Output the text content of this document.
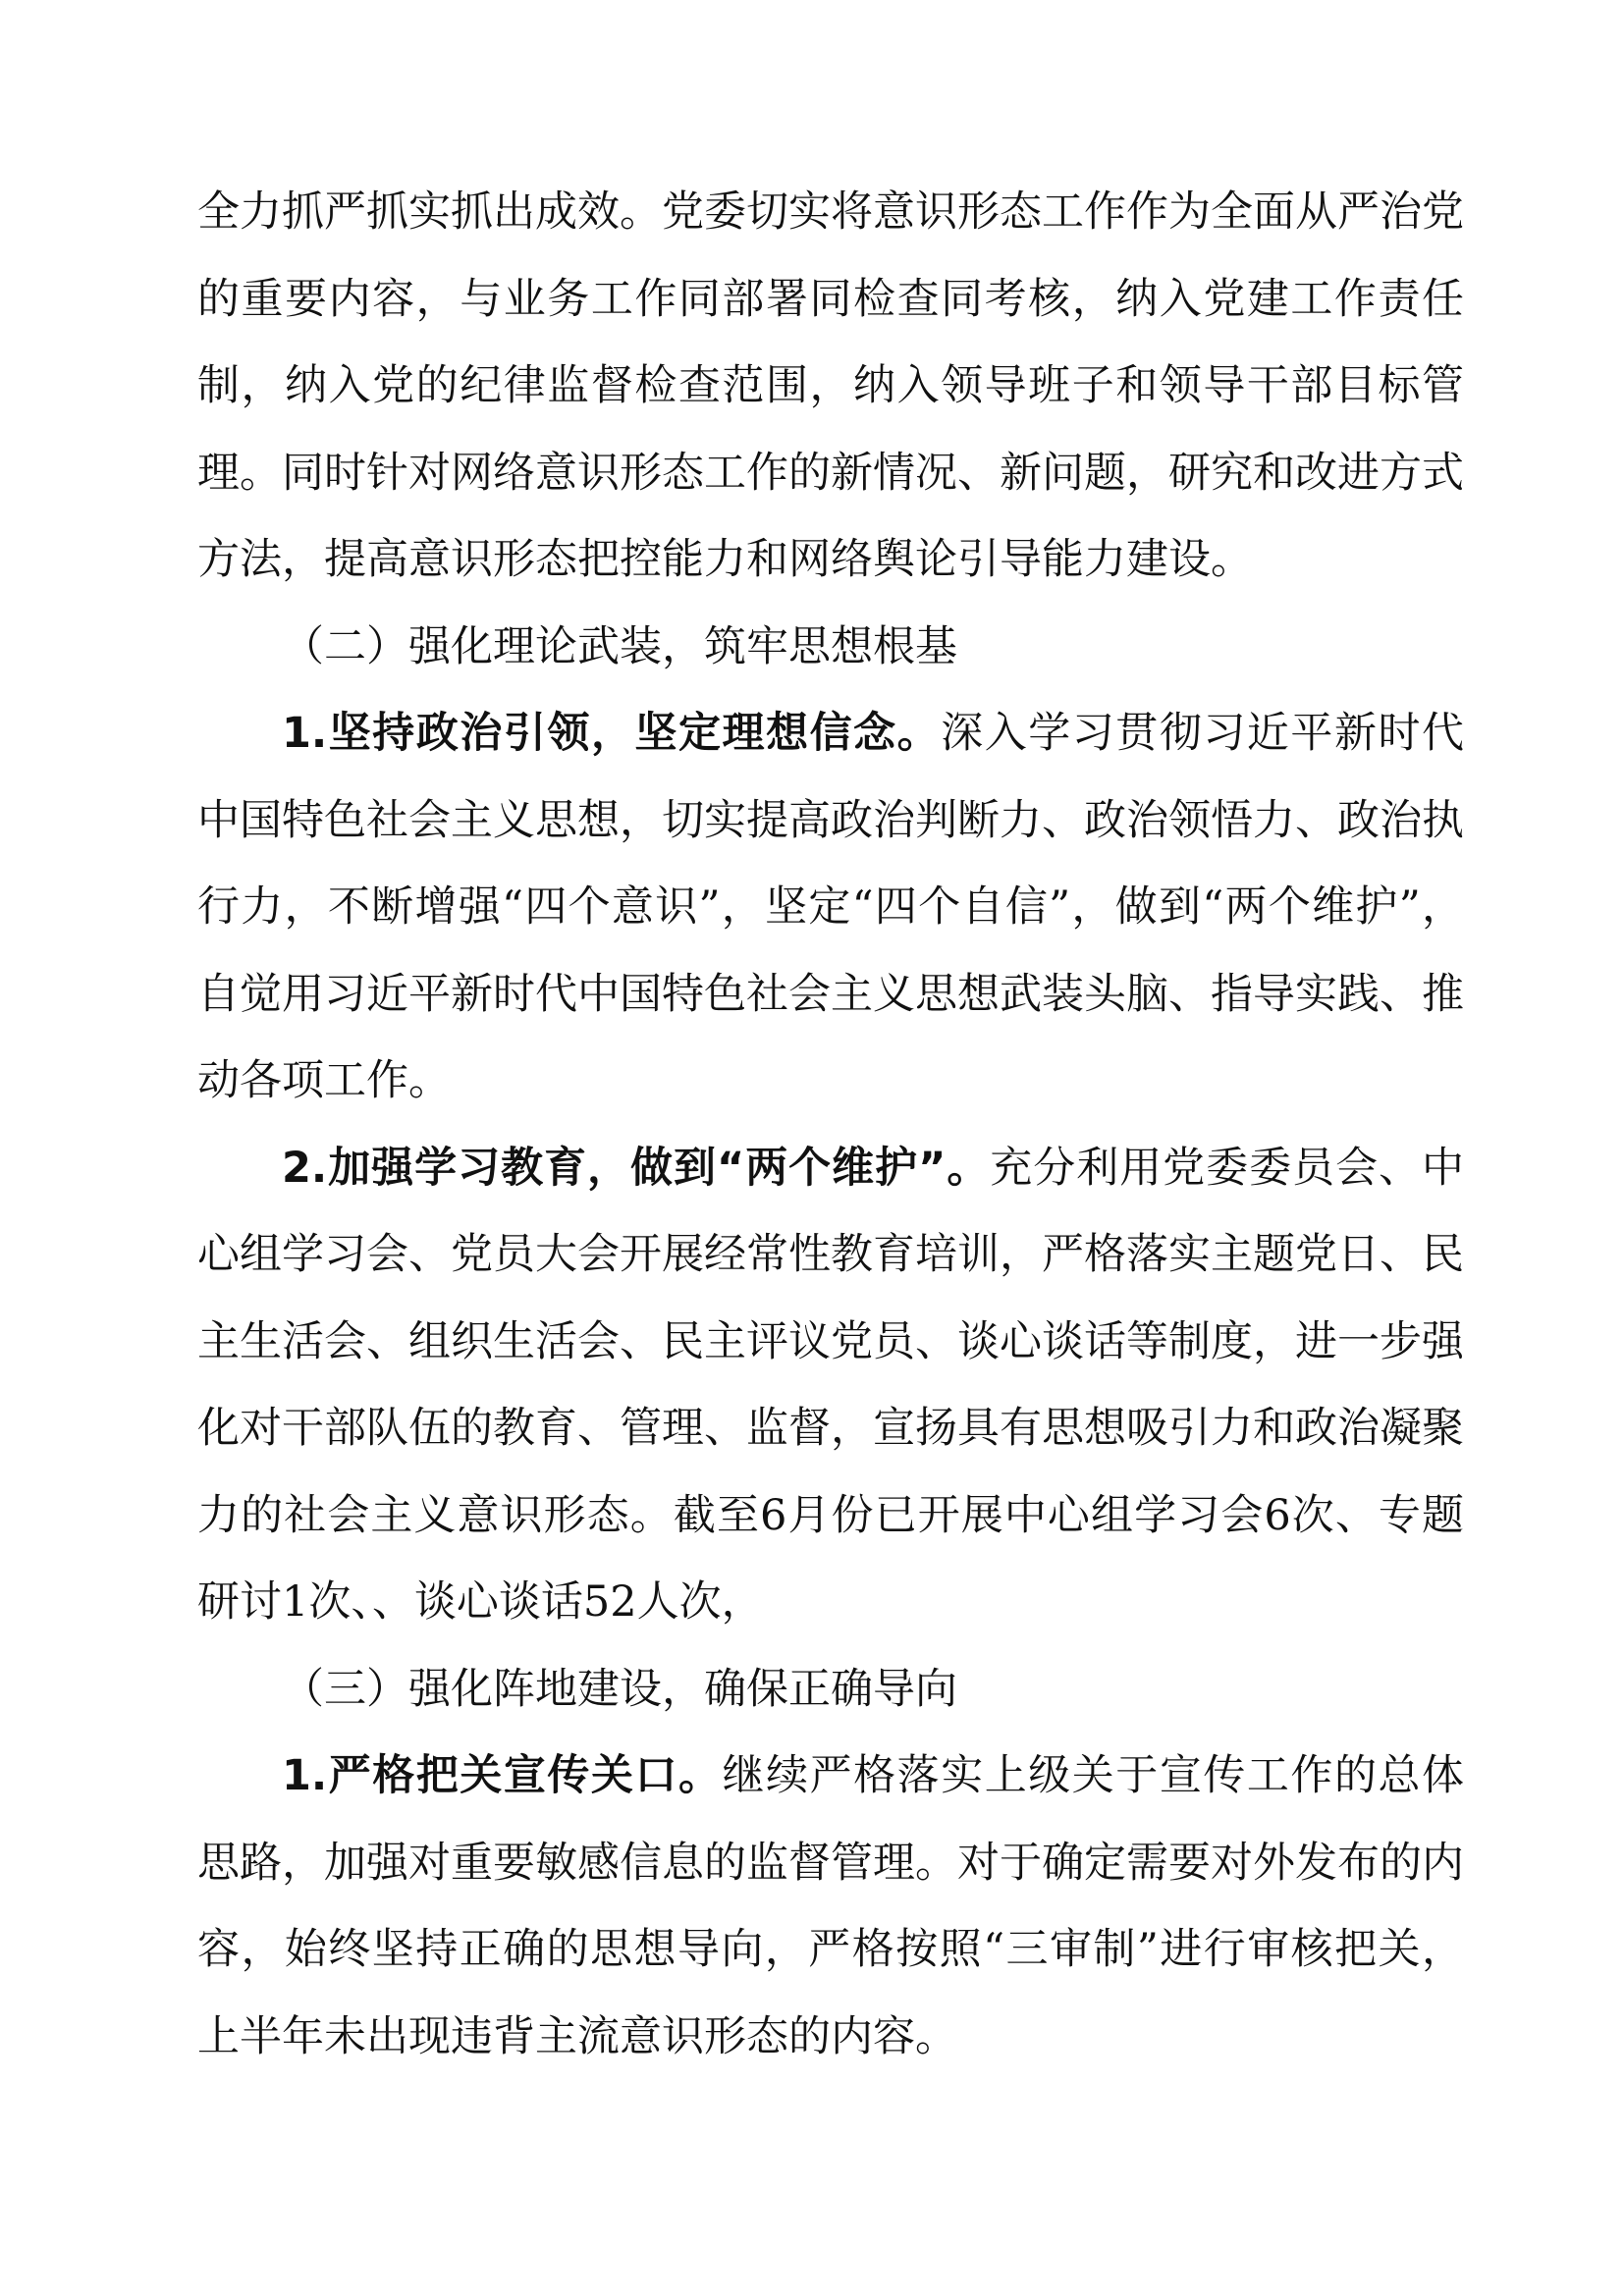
全力抓严抓实抓出成效。党委切实将意识形态工作作为全面从严治党的重要内容，与业务工作同部署同检查同考核，纳入党建工作责任制，纳入党的纪律监督检查范围，纳入领导班子和领导干部目标管理。同时针对网络意识形态工作的新情况、新问题，研究和改进方式方法，提高意识形态把控能力和网络舆论引导能力建设。

（二）强化理论武装，筑牢思想根基

1.坚持政治引领，坚定理想信念。深入学习贯彻习近平新时代中国特色社会主义思想，切实提高政治判断力、政治领悟力、政治执行力，不断增强“四个意识”，坚定“四个自信”，做到“两个维护”，自觉用习近平新时代中国特色社会主义思想武装头脑、指导实践、推动各项工作。

2.加强学习教育，做到“两个维护”。充分利用党委委员会、中心组学习会、党员大会开展经常性教育培训，严格落实主题党日、民主生活会、组织生活会、民主评议党员、谈心谈话等制度，进一步强化对干部队伍的教育、管理、监督，宣扬具有思想吸引力和政治凝聚力的社会主义意识形态。截至6月份已开展中心组学习会6次、专题研讨1次、、谈心谈话52人次，

（三）强化阵地建设，确保正确导向

1.严格把关宣传关口。继续严格落实上级关于宣传工作的总体思路，加强对重要敏感信息的监督管理。对于确定需要对外发布的内容，始终坚持正确的思想导向，严格按照“三审制”进行审核把关，上半年未出现违背主流意识形态的内容。
